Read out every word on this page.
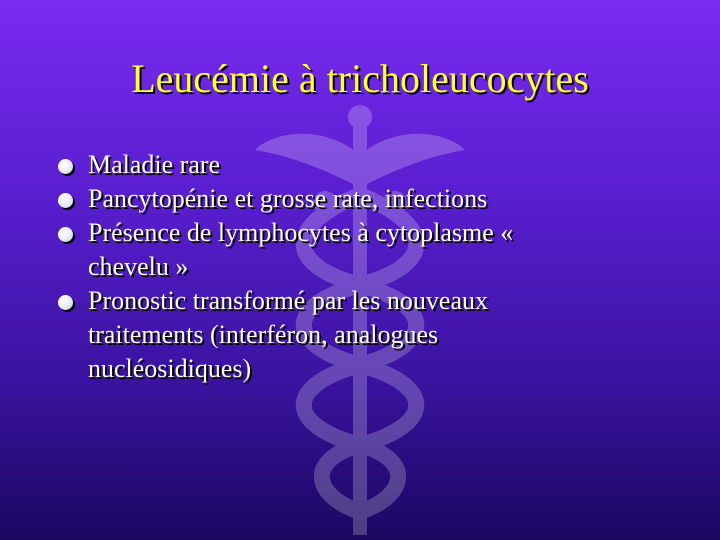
Leucémie à tricholeucocytes
Maladie rare
Pancytopénie et grosse rate, infections
Présence de lymphocytes à cytoplasme « chevelu »
Pronostic transformé par les nouveaux traitements (interféron, analogues nucléosidiques)
